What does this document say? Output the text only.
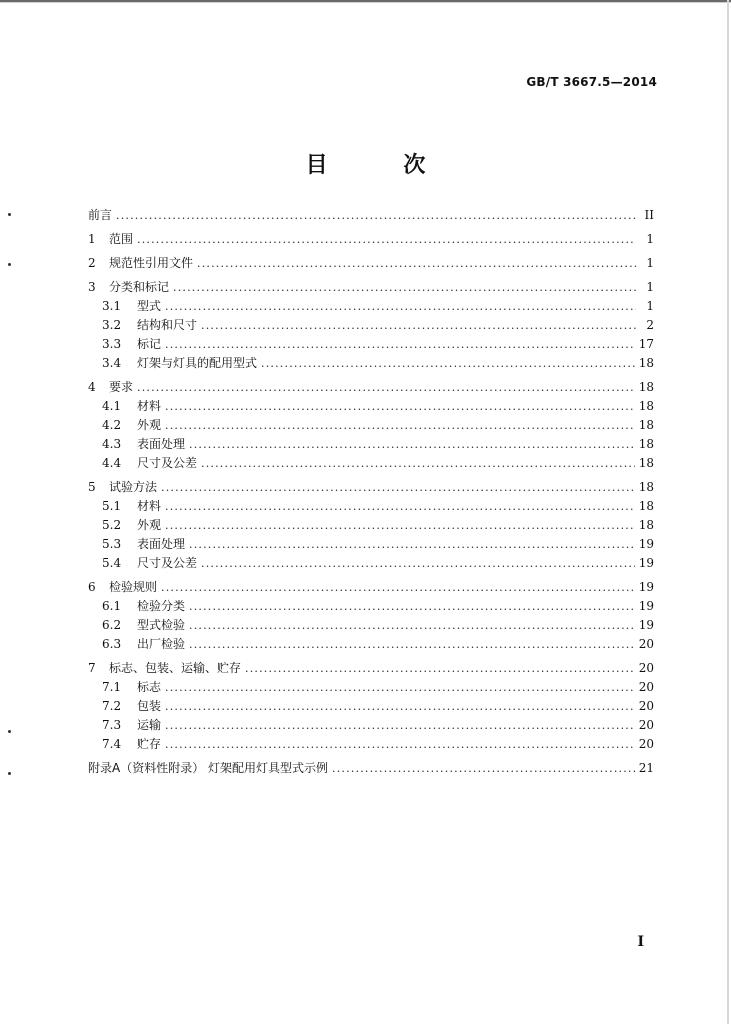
GB/T 3667.5—2014
目 次
前言 .....	II
1	范围 .....	1
2	规范性引用文件 .....	1
3	分类和标记 .....	1
3.1	型式 .....	1
3.2	结构和尺寸 .....	2
3.3	标记 .....	17
3.4	灯架与灯具的配用型式 .....	18
4	要求 .....	18
4.1	材料 .....	18
4.2	外观 .....	18
4.3	表面处理 .....	18
4.4	尺寸及公差 .....	18
5	试验方法 .....	18
5.1	材料 .....	18
5.2	外观 .....	18
5.3	表面处理 .....	19
5.4	尺寸及公差 .....	19
6	检验规则 .....	19
6.1	检验分类 .....	19
6.2	型式检验 .....	19
6.3	出厂检验 .....	20
7	标志、包装、运输、贮存 .....	20
7.1	标志 .....	20
7.2	包装 .....	20
7.3	运输 .....	20
7.4	贮存 .....	20
附录A（资料性附录） 灯架配用灯具型式示例 .....	21
I
